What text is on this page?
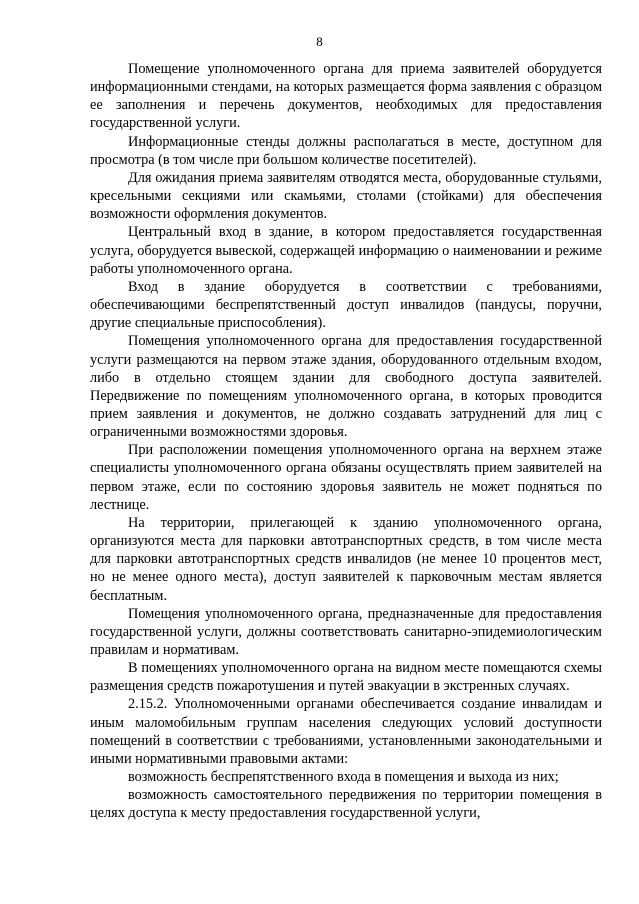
8

Помещение уполномоченного органа для приема заявителей оборудуется информационными стендами, на которых размещается форма заявления с образцом ее заполнения и перечень документов, необходимых для предоставления государственной услуги.

Информационные стенды должны располагаться в месте, доступном для просмотра (в том числе при большом количестве посетителей).

Для ожидания приема заявителям отводятся места, оборудованные стульями, кресельными секциями или скамьями, столами (стойками) для обеспечения возможности оформления документов.

Центральный вход в здание, в котором предоставляется государственная услуга, оборудуется вывеской, содержащей информацию о наименовании и режиме работы уполномоченного органа.

Вход в здание оборудуется в соответствии с требованиями, обеспечивающими беспрепятственный доступ инвалидов (пандусы, поручни, другие специальные приспособления).

Помещения уполномоченного органа для предоставления государственной услуги размещаются на первом этаже здания, оборудованного отдельным входом, либо в отдельно стоящем здании для свободного доступа заявителей. Передвижение по помещениям уполномоченного органа, в которых проводится прием заявления и документов, не должно создавать затруднений для лиц с ограниченными возможностями здоровья.

При расположении помещения уполномоченного органа на верхнем этаже специалисты уполномоченного органа обязаны осуществлять прием заявителей на первом этаже, если по состоянию здоровья заявитель не может подняться по лестнице.

На территории, прилегающей к зданию уполномоченного органа, организуются места для парковки автотранспортных средств, в том числе места для парковки автотранспортных средств инвалидов (не менее 10 процентов мест, но не менее одного места), доступ заявителей к парковочным местам является бесплатным.

Помещения уполномоченного органа, предназначенные для предоставления государственной услуги, должны соответствовать санитарно-эпидемиологическим правилам и нормативам.

В помещениях уполномоченного органа на видном месте помещаются схемы размещения средств пожаротушения и путей эвакуации в экстренных случаях.

2.15.2. Уполномоченными органами обеспечивается создание инвалидам и иным маломобильным группам населения следующих условий доступности помещений в соответствии с требованиями, установленными законодательными и иными нормативными правовыми актами:

возможность беспрепятственного входа в помещения и выхода из них;

возможность самостоятельного передвижения по территории помещения в целях доступа к месту предоставления государственной услуги,
